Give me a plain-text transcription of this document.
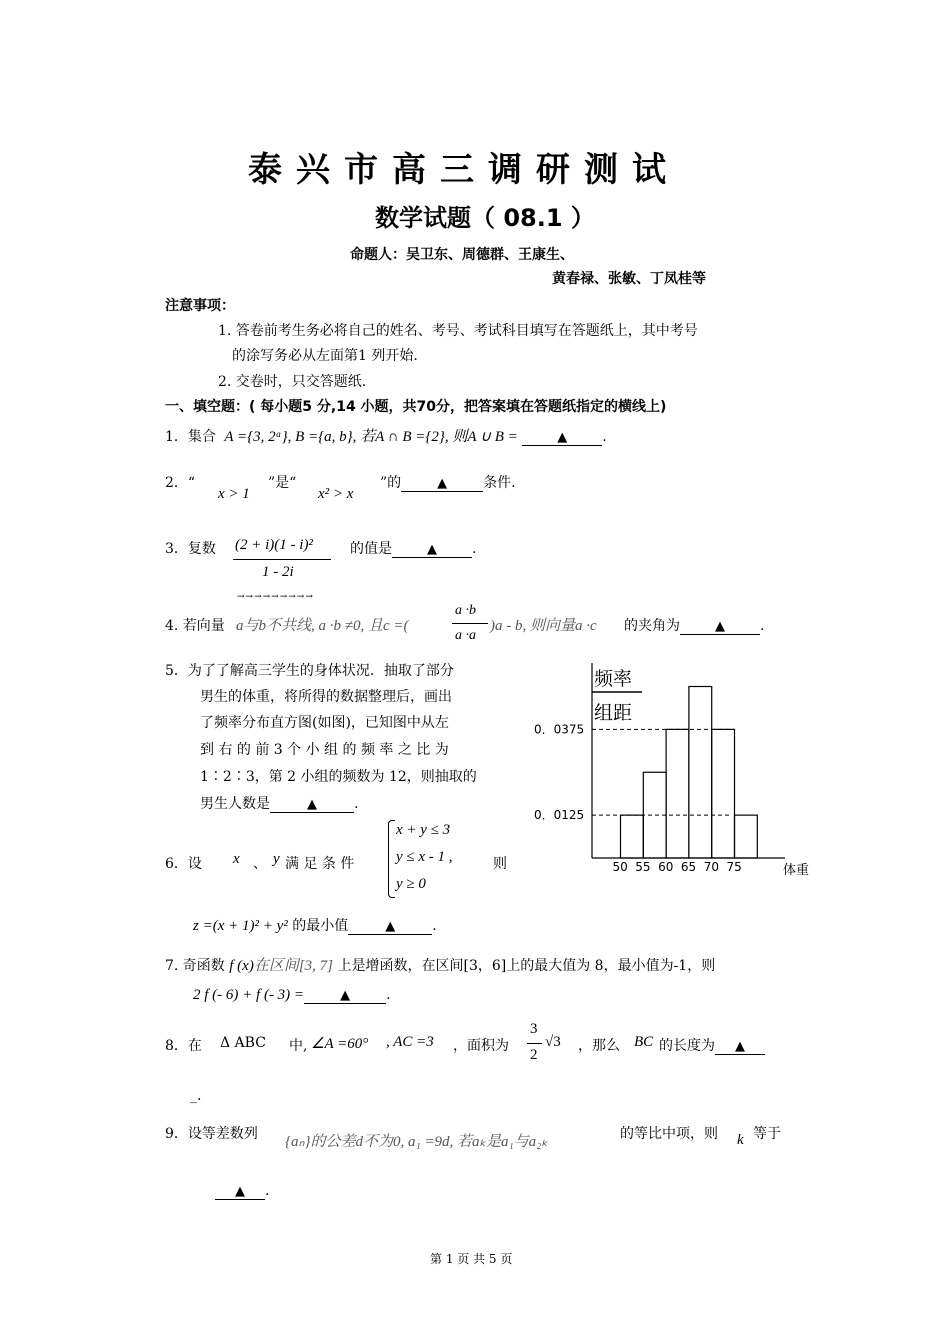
泰兴市高三调研测试
数学试题（ 08.1 ）
命题人：吴卫东、周德群、王康生、
黄春禄、张敏、丁凤桂等
注意事项：
1. 答卷前考生务必将自己的姓名、考号、考试科目填写在答题纸上，其中考号
的涂写务必从左面第1 列开始.
2. 交卷时，只交答题纸.
一、填空题：( 每小题5 分,14 小题，共70分，把答案填在答题纸指定的横线上)
1．集合 A ={3, 2ᵃ}, B ={a, b}, 若A ∩ B ={2}, 则A ∪ B =	▲	.
2．“
x > 1
”是“
x² > x
”的	▲	条件.
3．复数 (2 + i)(1 - i)²
1 - 2i
的值是	▲	.
→→→→→→→→→
4. 若向量 a与b不共线, a ·b ≠0, 且c =(
a ·b
a ·a
)a - b, 则向量a ·c 的夹角为	▲	.
5．为了了解高三学生的身体状况．抽取了部分
男生的体重，将所得的数据整理后，画出
了频率分布直方图(如图)，已知图中从左
到 右 的 前 3 个 小 组 的 频 率 之 比 为
1∶2∶3，第 2 小组的频数为 12，则抽取的
男生人数是	▲	.
频率
组距
0．0125
0．0375
50 55 60 65 70 75	体重
6．设 x 、 y 满 足 条 件
x + y ≤ 3
y ≤ x - 1 ,
y ≥ 0
则
z =(x + 1)² + y² 的最小值	▲	.
7. 奇函数 f (x)在区间[3, 7] 上是增函数，在区间[3，6]上的最大值为 8，最小值为-1，则
2 f (- 6) + f (- 3) =	▲	.
8．在 Δ ABC 中, ∠A =60° , AC =3 ，面积为
3
2
√3 ，那么 BC 的长度为 ▲
_.
9．设等差数列 {aₙ}的公差d不为0, a₁ =9d, 若aₖ是a₁与a₂ₖ	的等比中项，则 k 等于
▲ .
第 1 页 共 5 页
